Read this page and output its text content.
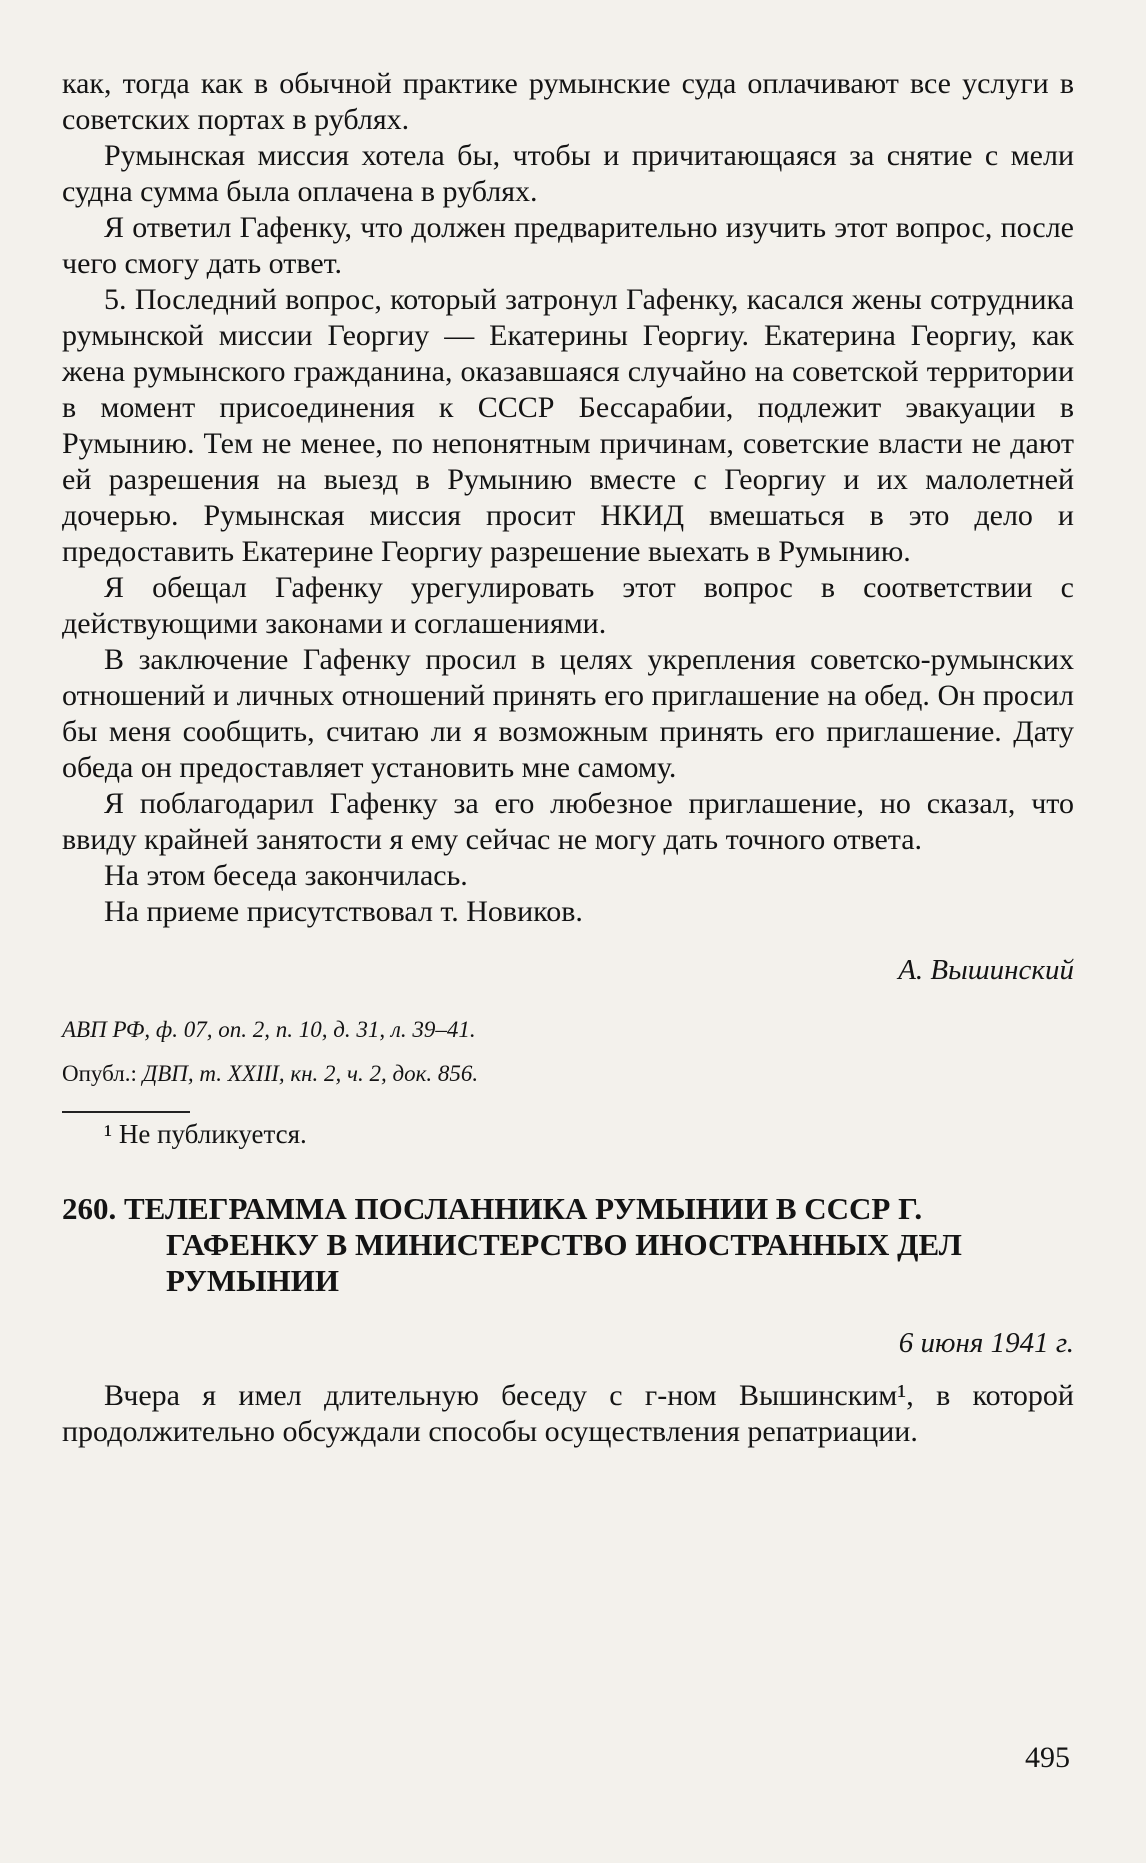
как, тогда как в обычной практике румынские суда оплачивают все услуги в советских портах в рублях.

Румынская миссия хотела бы, чтобы и причитающаяся за снятие с мели судна сумма была оплачена в рублях.

Я ответил Гафенку, что должен предварительно изучить этот вопрос, после чего смогу дать ответ.

5. Последний вопрос, который затронул Гафенку, касался жены сотрудника румынской миссии Георгиу — Екатерины Георгиу. Екатерина Георгиу, как жена румынского гражданина, оказавшаяся случайно на советской территории в момент присоединения к СССР Бессарабии, подлежит эвакуации в Румынию. Тем не менее, по непонятным причинам, советские власти не дают ей разрешения на выезд в Румынию вместе с Георгиу и их малолетней дочерью. Румынская миссия просит НКИД вмешаться в это дело и предоставить Екатерине Георгиу разрешение выехать в Румынию.

Я обещал Гафенку урегулировать этот вопрос в соответствии с действующими законами и соглашениями.

В заключение Гафенку просил в целях укрепления советско-румынских отношений и личных отношений принять его приглашение на обед. Он просил бы меня сообщить, считаю ли я возможным принять его приглашение. Дату обеда он предоставляет установить мне самому.

Я поблагодарил Гафенку за его любезное приглашение, но сказал, что ввиду крайней занятости я ему сейчас не могу дать точного ответа.

На этом беседа закончилась.

На приеме присутствовал т. Новиков.

А. Вышинский

АВП РФ, ф. 07, оп. 2, п. 10, д. 31, л. 39–41.

Опубл.: ДВП, т. XXIII, кн. 2, ч. 2, док. 856.

¹ Не публикуется.

260. ТЕЛЕГРАММА ПОСЛАННИКА РУМЫНИИ В СССР Г. ГАФЕНКУ В МИНИСТЕРСТВО ИНОСТРАННЫХ ДЕЛ РУМЫНИИ
6 июня 1941 г.

Вчера я имел длительную беседу с г-ном Вышинским¹, в которой продолжительно обсуждали способы осуществления репатриации.

495
